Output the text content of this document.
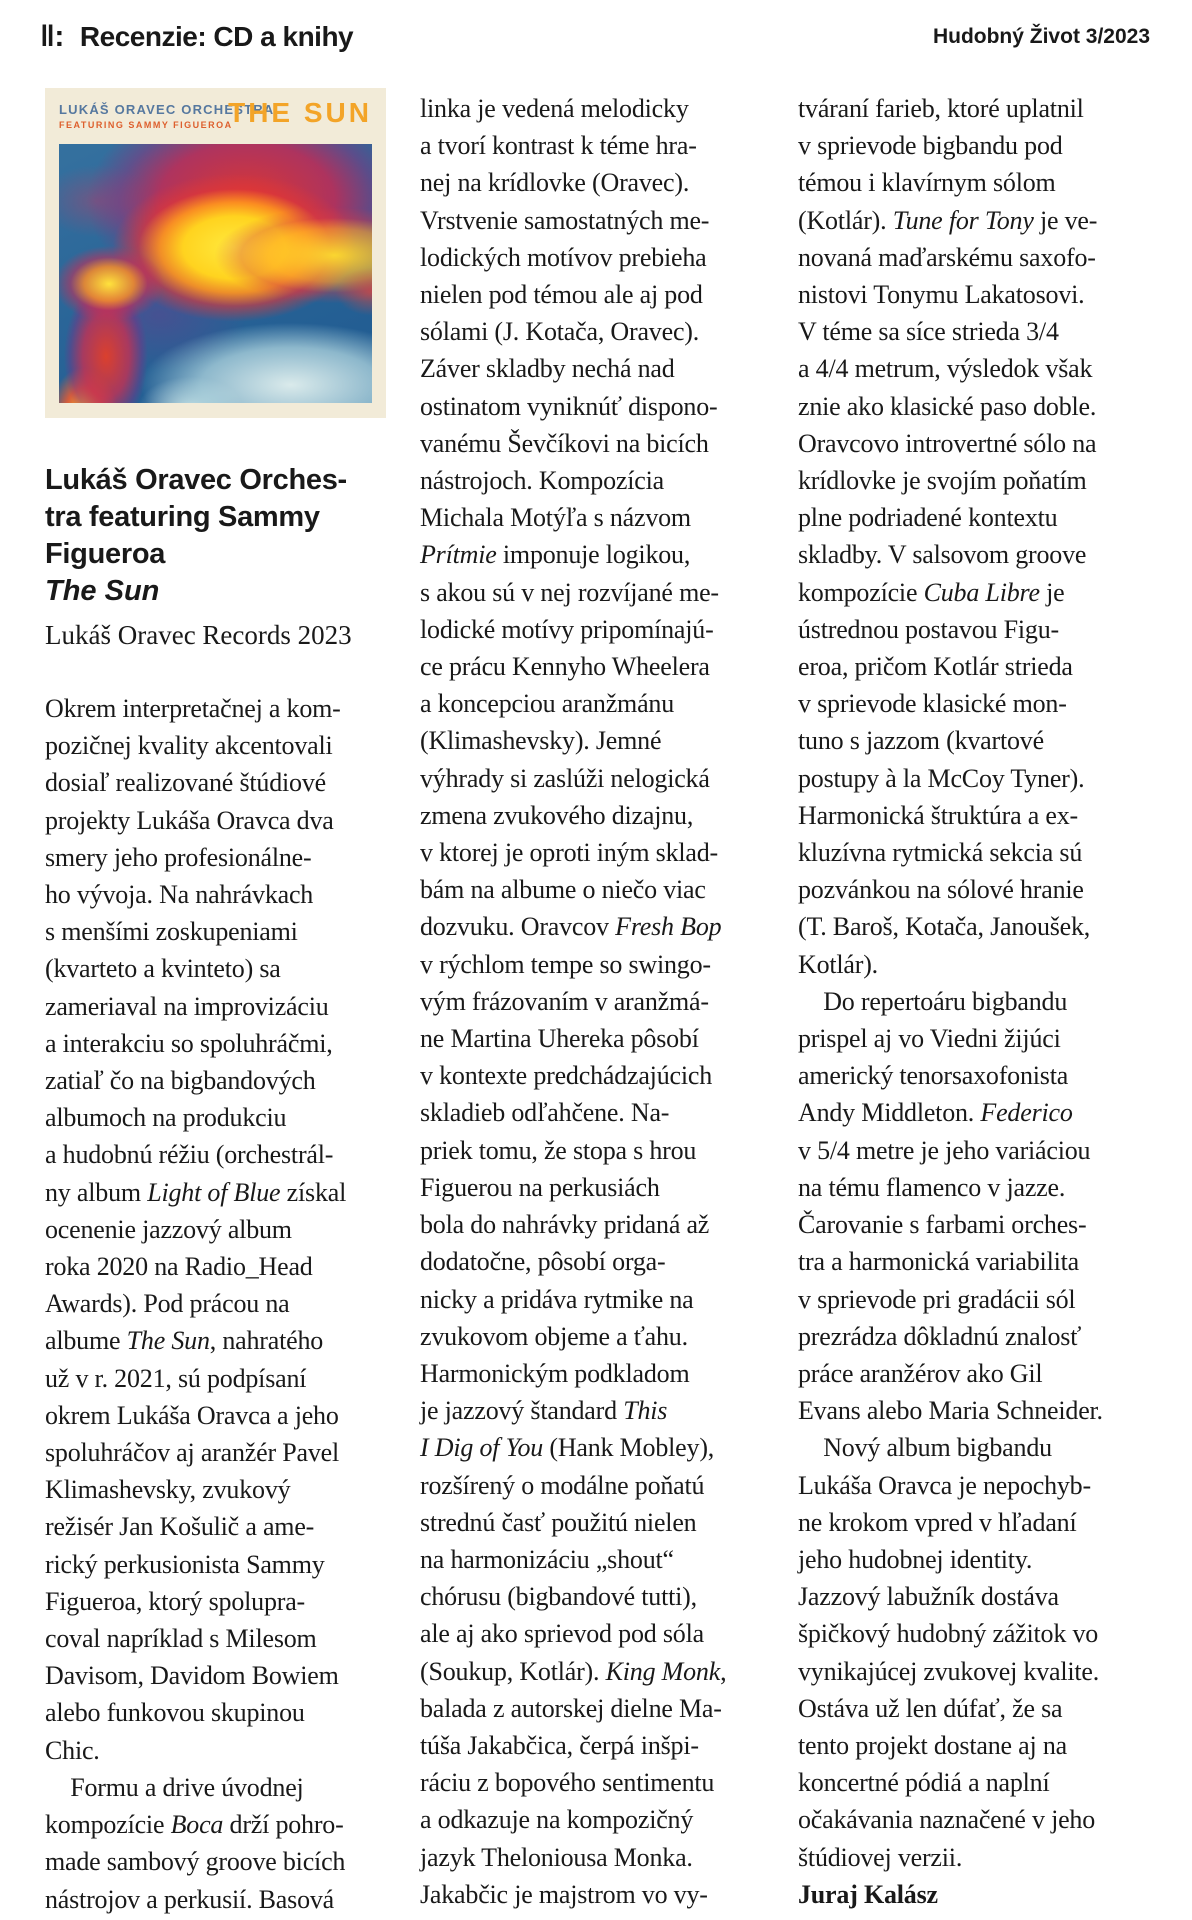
‖: Recenzie: CD a knihy	Hudobný Život 3/2023
LUKÁŠ ORAVEC ORCHESTRA
FEATURING SAMMY FIGUEROA
THE SUN
Lukáš Oravec Orches-
tra featuring Sammy
Figueroa
The Sun
Lukáš Oravec Records 2023
Okrem interpretačnej a kom-
pozičnej kvality akcentovali
dosiaľ realizované štúdiové
projekty Lukáša Oravca dva
smery jeho profesionálne-
ho vývoja. Na nahrávkach
s menšími zoskupeniami
(kvarteto a kvinteto) sa
zameriaval na improvizáciu
a interakciu so spoluhráčmi,
zatiaľ čo na bigbandových
albumoch na produkciu
a hudobnú réžiu (orchestrál-
ny album Light of Blue získal
ocenenie jazzový album
roka 2020 na Radio_Head
Awards). Pod prácou na
albume The Sun, nahratého
už v r. 2021, sú podpísaní
okrem Lukáša Oravca a jeho
spoluhráčov aj aranžér Pavel
Klimashevsky, zvukový
režisér Jan Košulič a ame-
rický perkusionista Sammy
Figueroa, ktorý spolupra-
coval napríklad s Milesom
Davisom, Davidom Bowiem
alebo funkovou skupinou
Chic.
Formu a drive úvodnej
kompozície Boca drží pohro-
made sambový groove bicích
nástrojov a perkusií. Basová
linka je vedená melodicky
a tvorí kontrast k téme hra-
nej na krídlovke (Oravec).
Vrstvenie samostatných me-
lodických motívov prebieha
nielen pod témou ale aj pod
sólami (J. Kotača, Oravec).
Záver skladby nechá nad
ostinatom vyniknúť dispono-
vanému Ševčíkovi na bicích
nástrojoch. Kompozícia
Michala Motýľa s názvom
Prítmie imponuje logikou,
s akou sú v nej rozvíjané me-
lodické motívy pripomínajú-
ce prácu Kennyho Wheelera
a koncepciou aranžmánu
(Klimashevsky). Jemné
výhrady si zaslúži nelogická
zmena zvukového dizajnu,
v ktorej je oproti iným sklad-
bám na albume o niečo viac
dozvuku. Oravcov Fresh Bop
v rýchlom tempe so swingo-
vým frázovaním v aranžmá-
ne Martina Uhereka pôsobí
v kontexte predchádzajúcich
skladieb odľahčene. Na-
priek tomu, že stopa s hrou
Figuerou na perkusiách
bola do nahrávky pridaná až
dodatočne, pôsobí orga-
nicky a pridáva rytmike na
zvukovom objeme a ťahu.
Harmonickým podkladom
je jazzový štandard This
I Dig of You (Hank Mobley),
rozšírený o modálne poňatú
strednú časť použitú nielen
na harmonizáciu „shout“
chórusu (bigbandové tutti),
ale aj ako sprievod pod sóla
(Soukup, Kotlár). King Monk,
balada z autorskej dielne Ma-
túša Jakabčica, čerpá inšpi-
ráciu z bopového sentimentu
a odkazuje na kompozičný
jazyk Theloniousa Monka.
Jakabčic je majstrom vo vy-
tváraní farieb, ktoré uplatnil
v sprievode bigbandu pod
témou i klavírnym sólom
(Kotlár). Tune for Tony je ve-
novaná maďarskému saxofo-
nistovi Tonymu Lakatosovi.
V téme sa síce strieda 3/4
a 4/4 metrum, výsledok však
znie ako klasické paso doble.
Oravcovo introvertné sólo na
krídlovke je svojím poňatím
plne podriadené kontextu
skladby. V salsovom groove
kompozície Cuba Libre je
ústrednou postavou Figu-
eroa, pričom Kotlár strieda
v sprievode klasické mon-
tuno s jazzom (kvartové
postupy à la McCoy Tyner).
Harmonická štruktúra a ex-
kluzívna rytmická sekcia sú
pozvánkou na sólové hranie
(T. Baroš, Kotača, Janoušek,
Kotlár).
Do repertoáru bigbandu
prispel aj vo Viedni žijúci
americký tenorsaxofonista
Andy Middleton. Federico
v 5/4 metre je jeho variáciou
na tému flamenco v jazze.
Čarovanie s farbami orches-
tra a harmonická variabilita
v sprievode pri gradácii sól
prezrádza dôkladnú znalosť
práce aranžérov ako Gil
Evans alebo Maria Schneider.
Nový album bigbandu
Lukáša Oravca je nepochyb-
ne krokom vpred v hľadaní
jeho hudobnej identity.
Jazzový labužník dostáva
špičkový hudobný zážitok vo
vynikajúcej zvukovej kvalite.
Ostáva už len dúfať, že sa
tento projekt dostane aj na
koncertné pódiá a naplní
očakávania naznačené v jeho
štúdiovej verzii.
Juraj Kalász
